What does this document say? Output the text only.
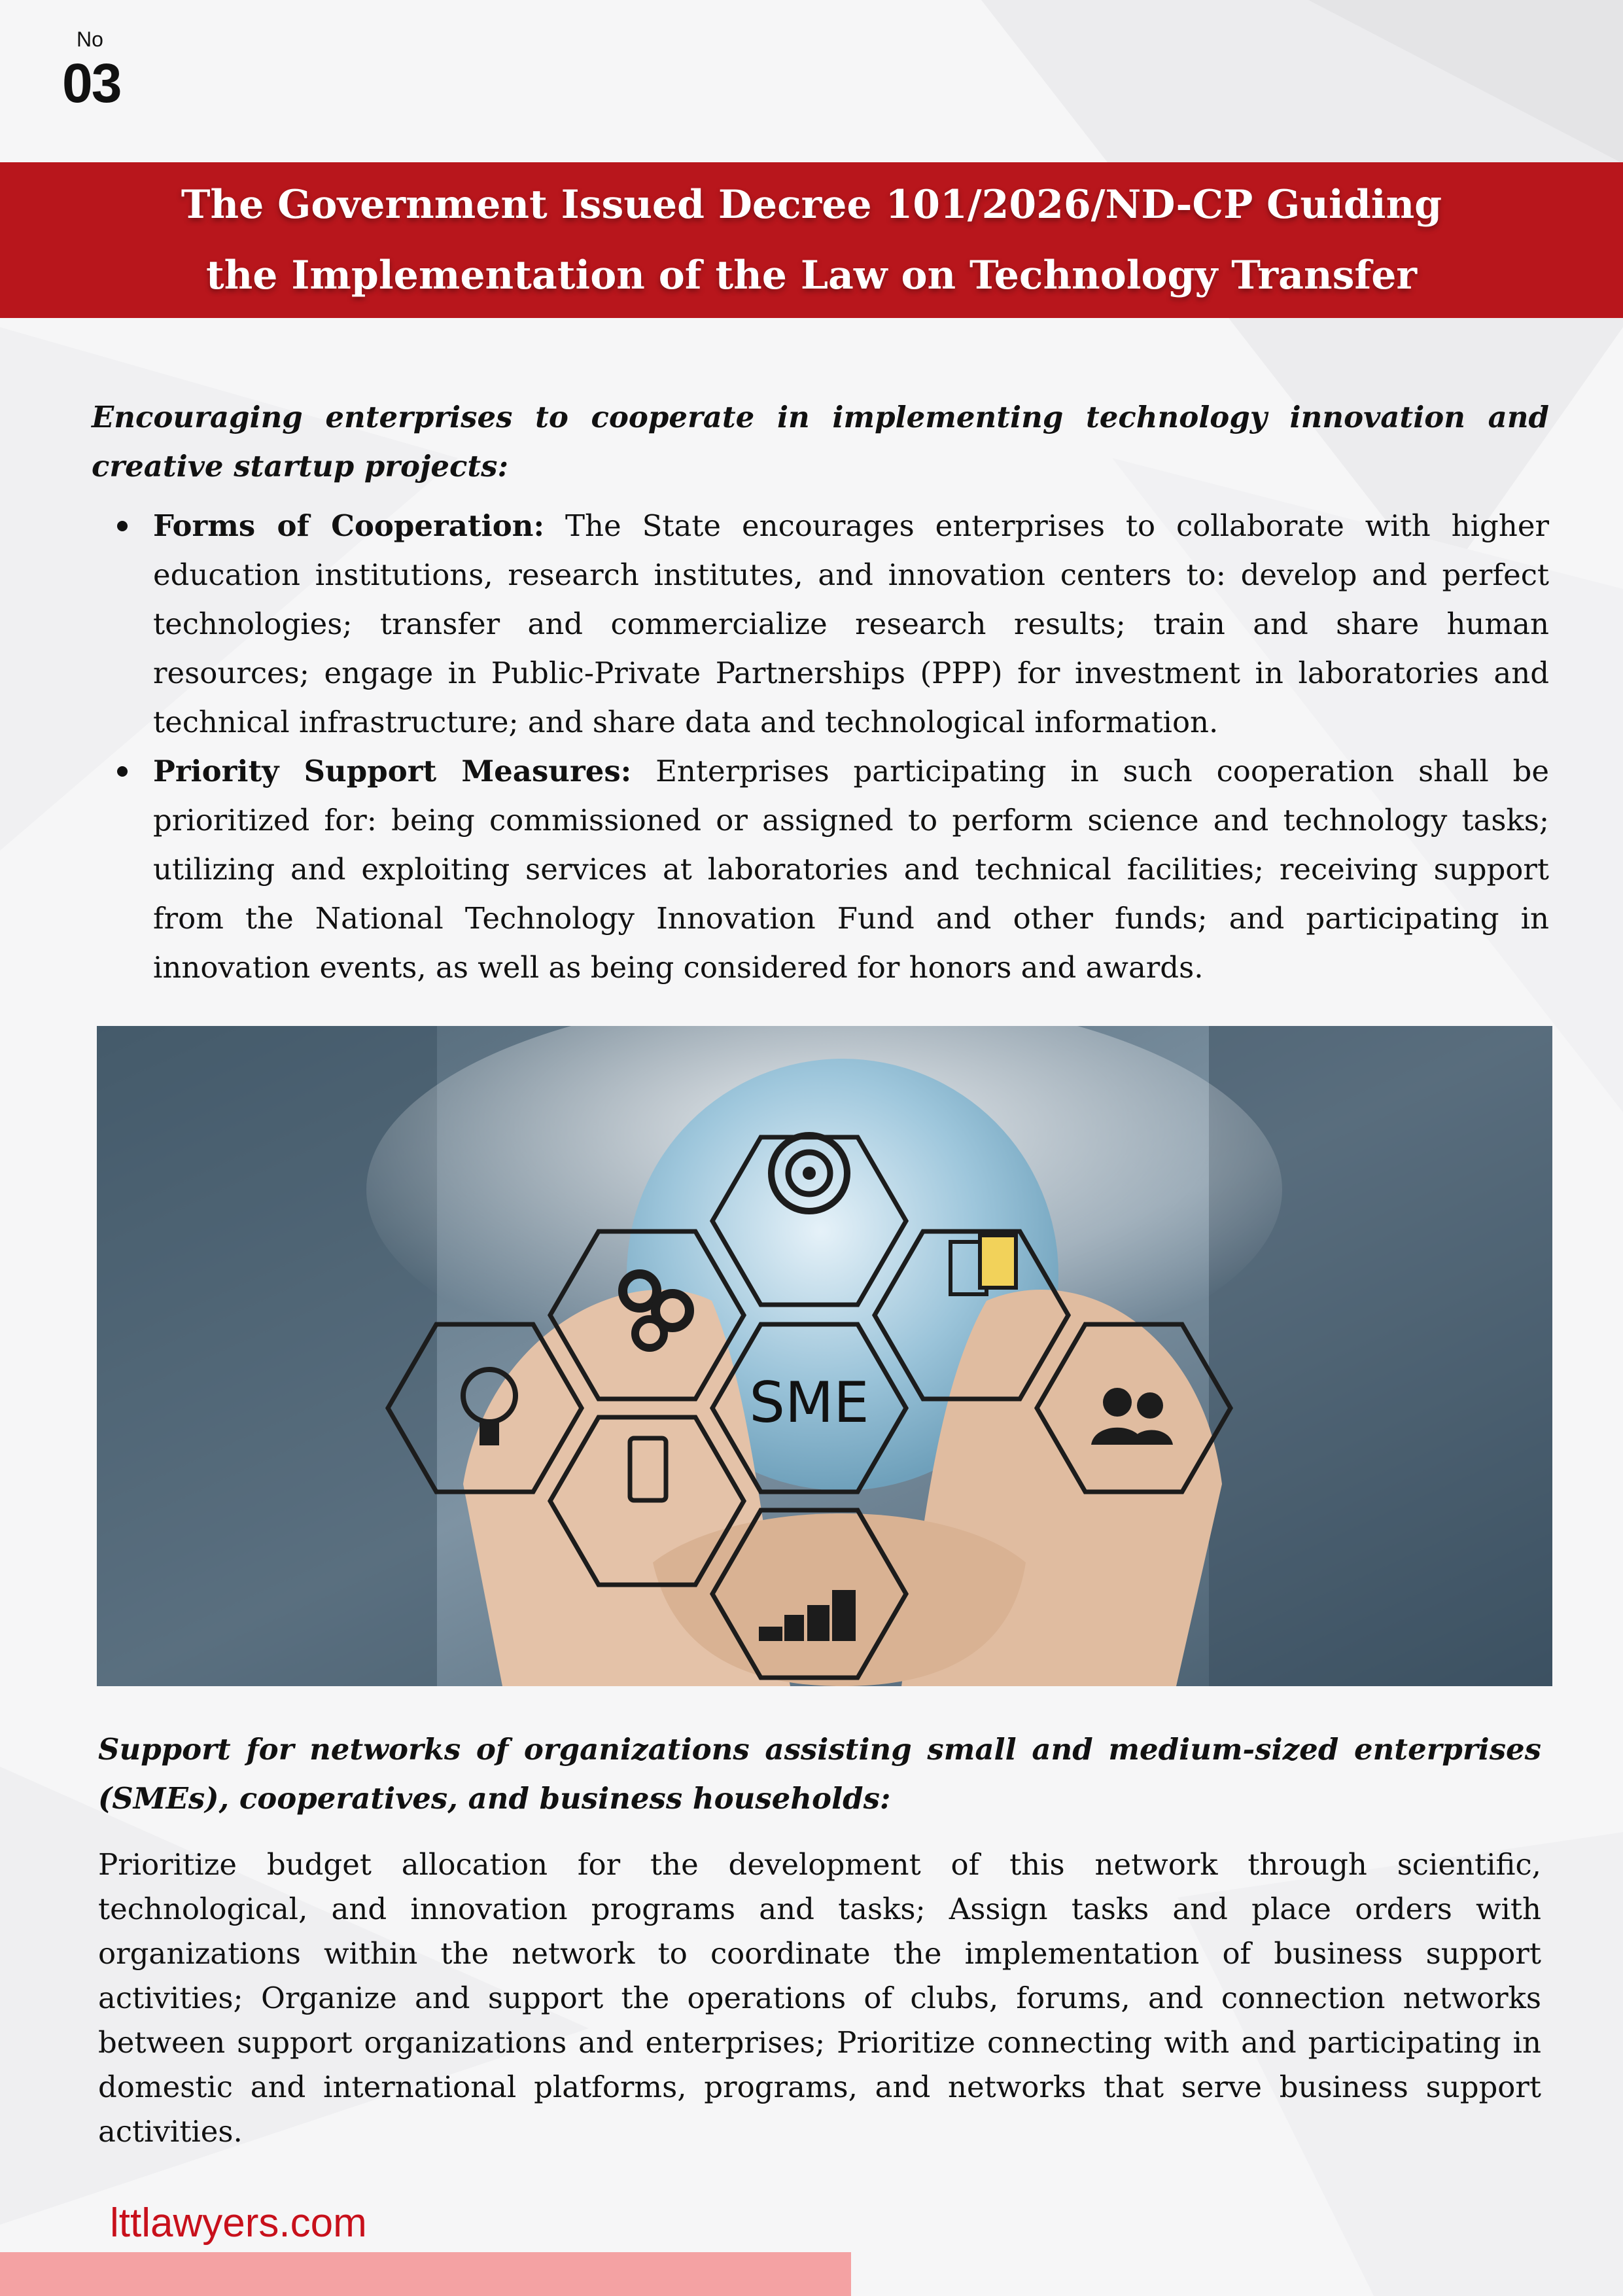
No
03
The Government Issued Decree 101/2026/ND-CP Guiding the Implementation of the Law on Technology Transfer

Encouraging enterprises to cooperate in implementing technology innovation and creative startup projects:

Forms of Cooperation: The State encourages enterprises to collaborate with higher education institutions, research institutes, and innovation centers to: develop and perfect technologies; transfer and commercialize research results; train and share human resources; engage in Public-Private Partnerships (PPP) for investment in laboratories and technical infrastructure; and share data and technological information.
Priority Support Measures: Enterprises participating in such cooperation shall be prioritized for: being commissioned or assigned to perform science and technology tasks; utilizing and exploiting services at laboratories and technical facilities; receiving support from the National Technology Innovation Fund and other funds; and participating in innovation events, as well as being considered for honors and awards.
SME

Support for networks of organizations assisting small and medium-sized enterprises (SMEs), cooperatives, and business households:

Prioritize budget allocation for the development of this network through scientific, technological, and innovation programs and tasks; Assign tasks and place orders with organizations within the network to coordinate the implementation of business support activities; Organize and support the operations of clubs, forums, and connection networks between support organizations and enterprises; Prioritize connecting with and participating in domestic and international platforms, programs, and networks that serve business support activities.

lttlawyers.com
